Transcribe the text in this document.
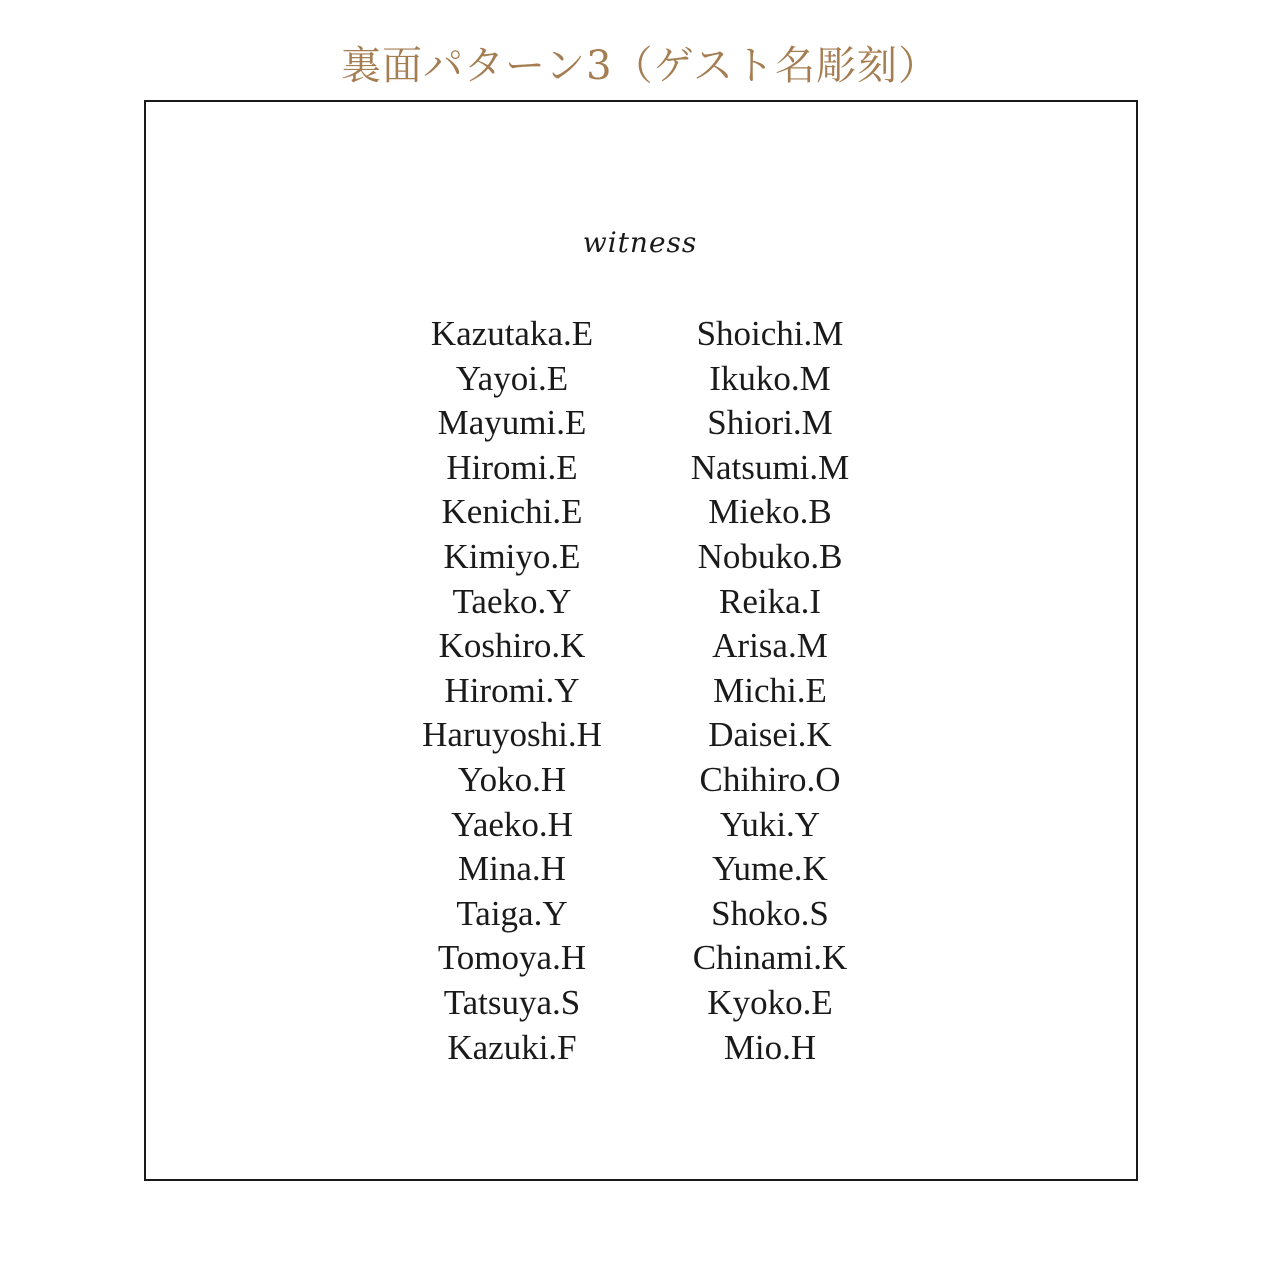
裏面パターン3（ゲスト名彫刻）
witness
Kazutaka.E
Yayoi.E
Mayumi.E
Hiromi.E
Kenichi.E
Kimiyo.E
Taeko.Y
Koshiro.K
Hiromi.Y
Haruyoshi.H
Yoko.H
Yaeko.H
Mina.H
Taiga.Y
Tomoya.H
Tatsuya.S
Kazuki.F
Shoichi.M
Ikuko.M
Shiori.M
Natsumi.M
Mieko.B
Nobuko.B
Reika.I
Arisa.M
Michi.E
Daisei.K
Chihiro.O
Yuki.Y
Yume.K
Shoko.S
Chinami.K
Kyoko.E
Mio.H
